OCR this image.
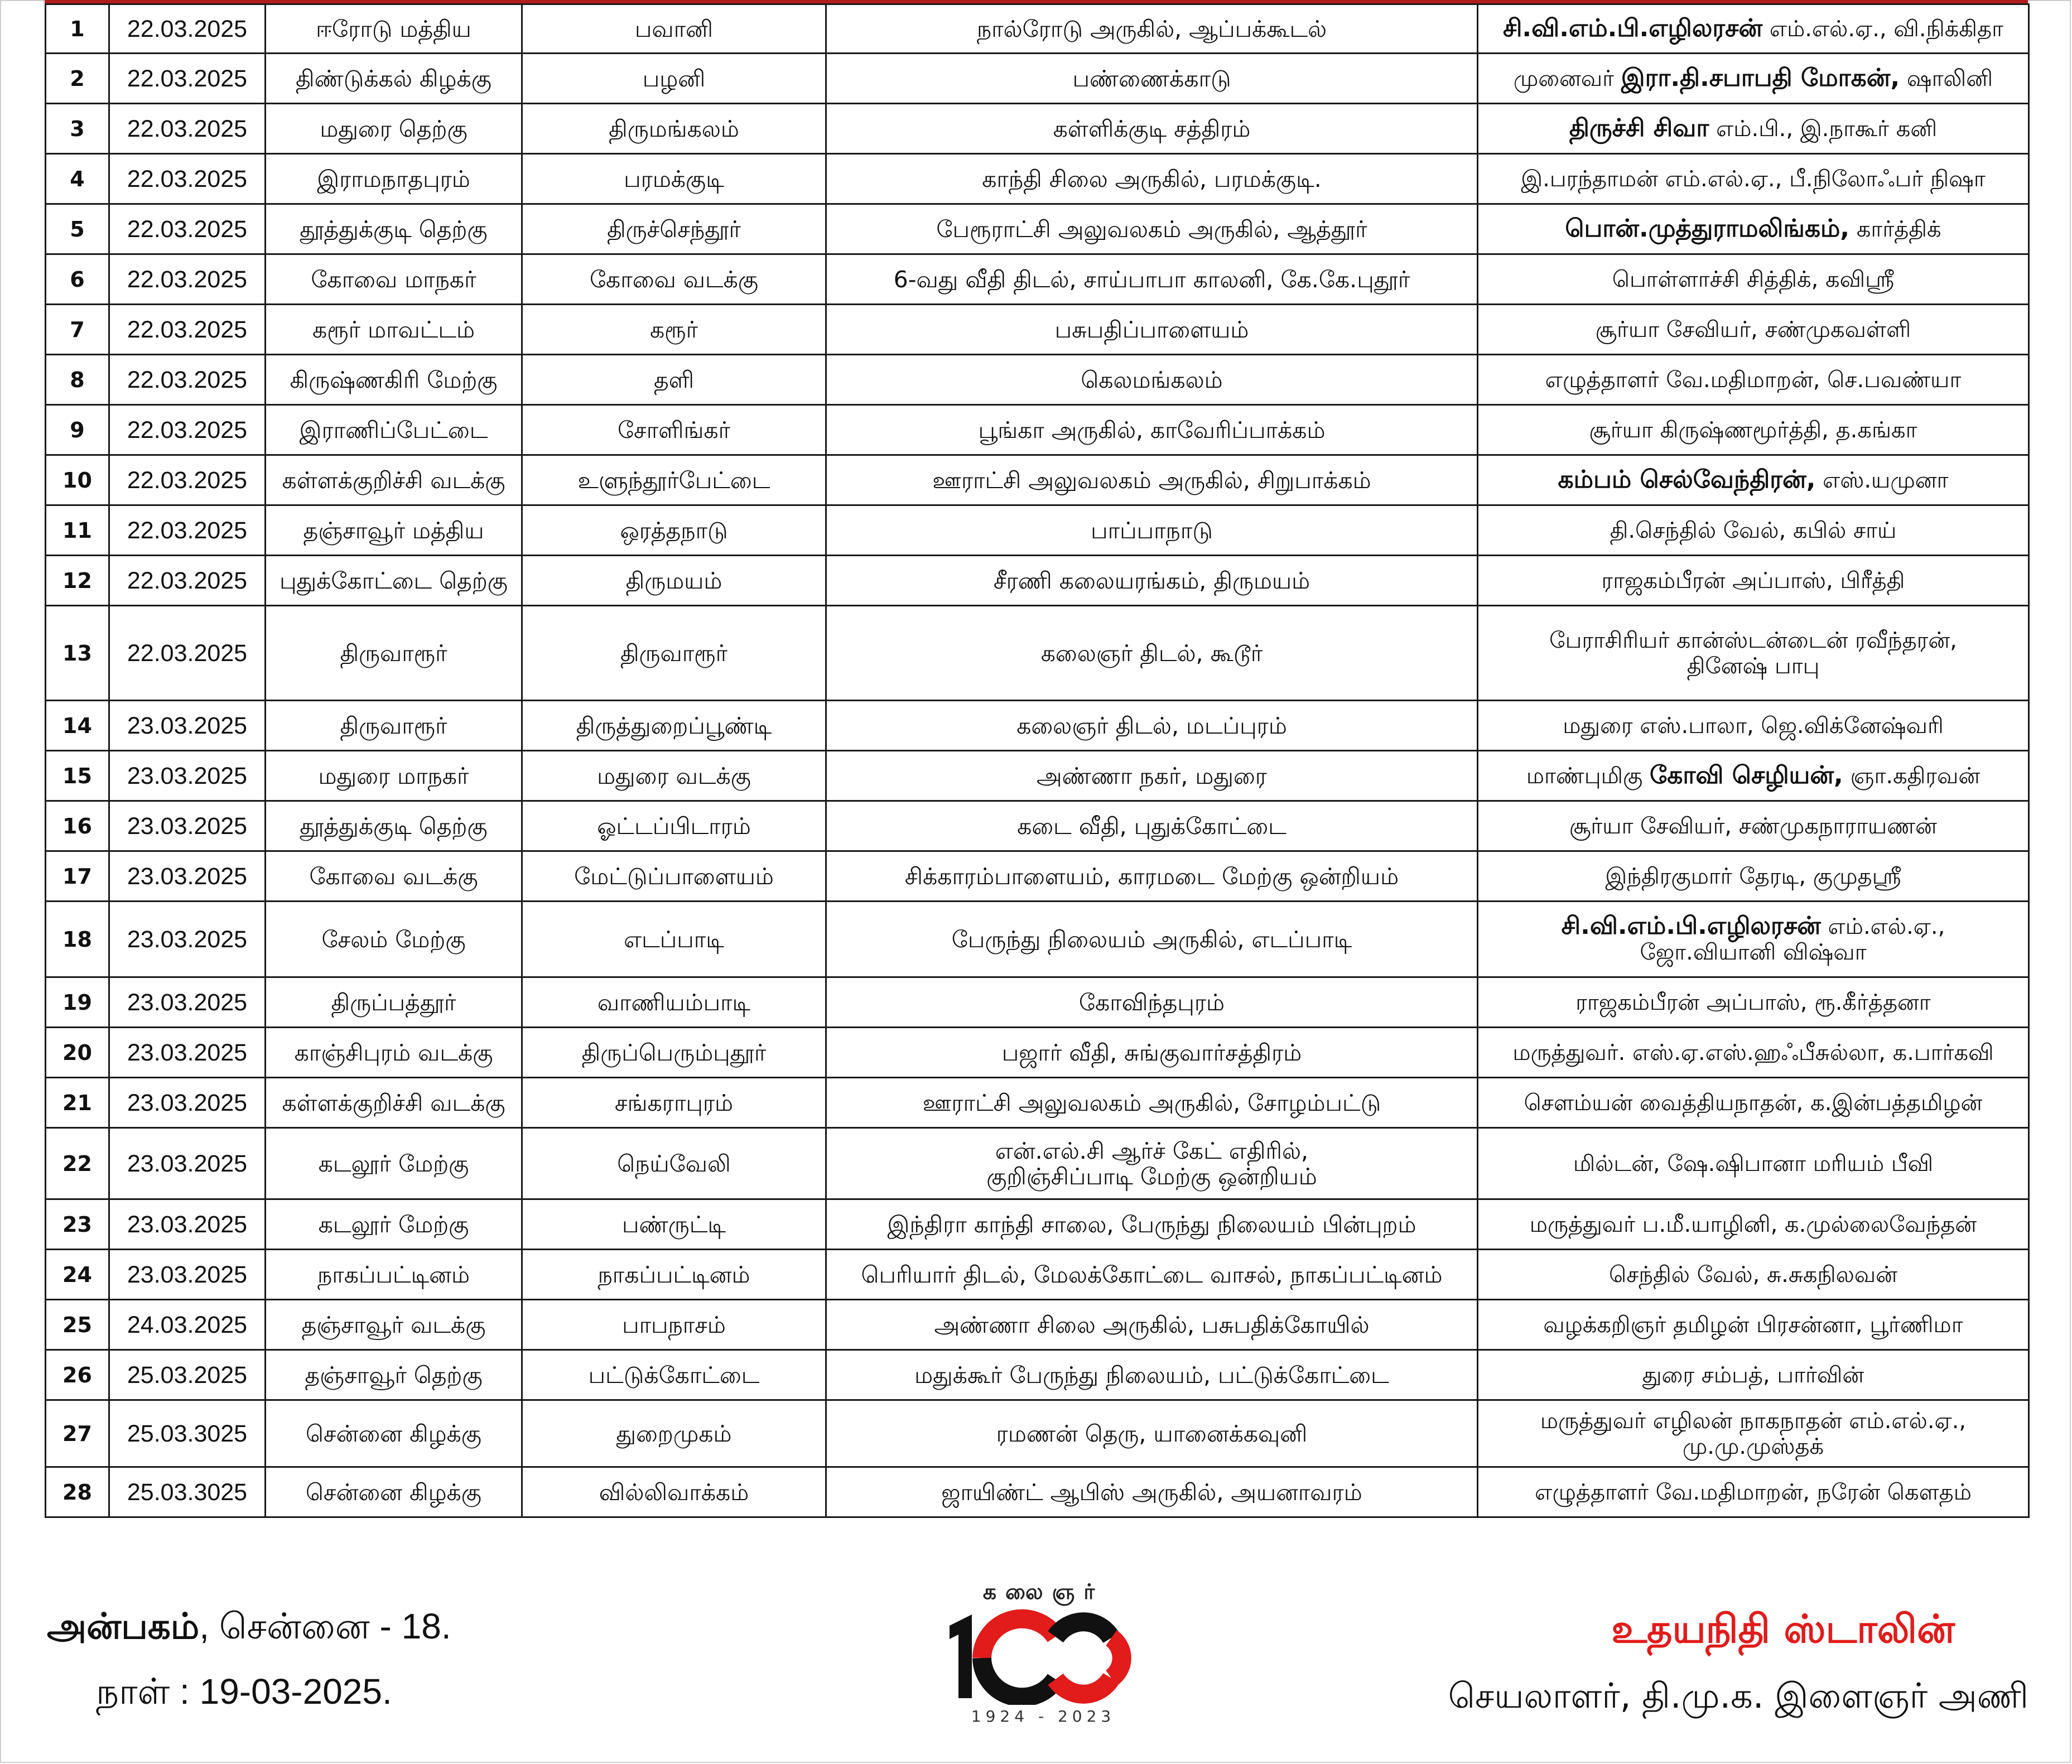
1	22.03.2025	ஈரோடு மத்திய	பவானி	நால்ரோடு அருகில், ஆப்பக்கூடல்	சி.வி.எம்.பி.எழிலரசன் எம்.எல்.ஏ., வி.நிக்கிதா
2	22.03.2025	திண்டுக்கல் கிழக்கு	பழனி	பண்ணைக்காடு	முனைவர் இரா.தி.சபாபதி மோகன், ஷாலினி
3	22.03.2025	மதுரை தெற்கு	திருமங்கலம்	கள்ளிக்குடி சத்திரம்	திருச்சி சிவா எம்.பி., இ.நாகூர் கனி
4	22.03.2025	இராமநாதபுரம்	பரமக்குடி	காந்தி சிலை அருகில், பரமக்குடி.	இ.பரந்தாமன் எம்.எல்.ஏ., பீ.நிலோஃபர் நிஷா
5	22.03.2025	தூத்துக்குடி தெற்கு	திருச்செந்தூர்	பேரூராட்சி அலுவலகம் அருகில், ஆத்தூர்	பொன்.முத்துராமலிங்கம், கார்த்திக்
6	22.03.2025	கோவை மாநகர்	கோவை வடக்கு	6-வது வீதி திடல், சாய்பாபா காலனி, கே.கே.புதூர்	பொள்ளாச்சி சித்திக், கவிஸ்ரீ
7	22.03.2025	கரூர் மாவட்டம்	கரூர்	பசுபதிப்பாளையம்	சூர்யா சேவியர், சண்முகவள்ளி
8	22.03.2025	கிருஷ்ணகிரி மேற்கு	தளி	கெலமங்கலம்	எழுத்தாளர் வே.மதிமாறன், செ.பவண்யா
9	22.03.2025	இராணிப்பேட்டை	சோளிங்கர்	பூங்கா அருகில், காவேரிப்பாக்கம்	சூர்யா கிருஷ்ணமூர்த்தி, த.கங்கா
10	22.03.2025	கள்ளக்குறிச்சி வடக்கு	உளுந்தூர்பேட்டை	ஊராட்சி அலுவலகம் அருகில், சிறுபாக்கம்	கம்பம் செல்வேந்திரன், எஸ்.யமுனா
11	22.03.2025	தஞ்சாவூர் மத்திய	ஒரத்தநாடு	பாப்பாநாடு	தி.செந்தில் வேல், கபில் சாய்
12	22.03.2025	புதுக்கோட்டை தெற்கு	திருமயம்	சீரணி கலையரங்கம், திருமயம்	ராஜகம்பீரன் அப்பாஸ், பிரீத்தி
13	22.03.2025	திருவாரூர்	திருவாரூர்	கலைஞர் திடல், கூடூர்	பேராசிரியர் கான்ஸ்டன்டைன் ரவீந்தரன்,
தினேஷ் பாபு
14	23.03.2025	திருவாரூர்	திருத்துறைப்பூண்டி	கலைஞர் திடல், மடப்புரம்	மதுரை எஸ்.பாலா, ஜெ.விக்னேஷ்வரி
15	23.03.2025	மதுரை மாநகர்	மதுரை வடக்கு	அண்ணா நகர், மதுரை	மாண்புமிகு கோவி செழியன், ஞா.கதிரவன்
16	23.03.2025	தூத்துக்குடி தெற்கு	ஓட்டப்பிடாரம்	கடை வீதி, புதுக்கோட்டை	சூர்யா சேவியர், சண்முகநாராயணன்
17	23.03.2025	கோவை வடக்கு	மேட்டுப்பாளையம்	சிக்காரம்பாளையம், காரமடை மேற்கு ஒன்றியம்	இந்திரகுமார் தேரடி, குமுதஸ்ரீ
18	23.03.2025	சேலம் மேற்கு	எடப்பாடி	பேருந்து நிலையம் அருகில், எடப்பாடி	சி.வி.எம்.பி.எழிலரசன் எம்.எல்.ஏ.,
ஜோ.வியானி விஷ்வா
19	23.03.2025	திருப்பத்தூர்	வாணியம்பாடி	கோவிந்தபுரம்	ராஜகம்பீரன் அப்பாஸ், ரூ.கீர்த்தனா
20	23.03.2025	காஞ்சிபுரம் வடக்கு	திருப்பெரும்புதூர்	பஜார் வீதி, சுங்குவார்சத்திரம்	மருத்துவர். எஸ்.ஏ.எஸ்.ஹஃபீசுல்லா, க.பார்கவி
21	23.03.2025	கள்ளக்குறிச்சி வடக்கு	சங்கராபுரம்	ஊராட்சி அலுவலகம் அருகில், சோழம்பட்டு	சௌம்யன் வைத்தியநாதன், க.இன்பத்தமிழன்
22	23.03.2025	கடலூர் மேற்கு	நெய்வேலி	என்.எல்.சி ஆர்ச் கேட் எதிரில்,
குறிஞ்சிப்பாடி மேற்கு ஒன்றியம்	மில்டன், ஷே.ஷிபானா மரியம் பீவி
23	23.03.2025	கடலூர் மேற்கு	பண்ருட்டி	இந்திரா காந்தி சாலை, பேருந்து நிலையம் பின்புறம்	மருத்துவர் ப.மீ.யாழினி, க.முல்லைவேந்தன்
24	23.03.2025	நாகப்பட்டினம்	நாகப்பட்டினம்	பெரியார் திடல், மேலக்கோட்டை வாசல், நாகப்பட்டினம்	செந்தில் வேல், சு.சுகநிலவன்
25	24.03.2025	தஞ்சாவூர் வடக்கு	பாபநாசம்	அண்ணா சிலை அருகில், பசுபதிக்கோயில்	வழக்கறிஞர் தமிழன் பிரசன்னா, பூர்ணிமா
26	25.03.2025	தஞ்சாவூர் தெற்கு	பட்டுக்கோட்டை	மதுக்கூர் பேருந்து நிலையம், பட்டுக்கோட்டை	துரை சம்பத், பார்வின்
27	25.03.3025	சென்னை கிழக்கு	துறைமுகம்	ரமணன் தெரு, யானைக்கவுனி	மருத்துவர் எழிலன் நாகநாதன் எம்.எல்.ஏ.,
மு.மு.முஸ்தக்
28	25.03.3025	சென்னை கிழக்கு	வில்லிவாக்கம்	ஜாயிண்ட் ஆபிஸ் அருகில், அயனாவரம்	எழுத்தாளர் வே.மதிமாறன், நரேன் கௌதம்
அன்பகம், சென்னை - 18.
நாள் : 19-03-2025.
கலைஞர்
1924 - 2023
உதயநிதி ஸ்டாலின்
செயலாளர், தி.மு.க. இளைஞர் அணி
